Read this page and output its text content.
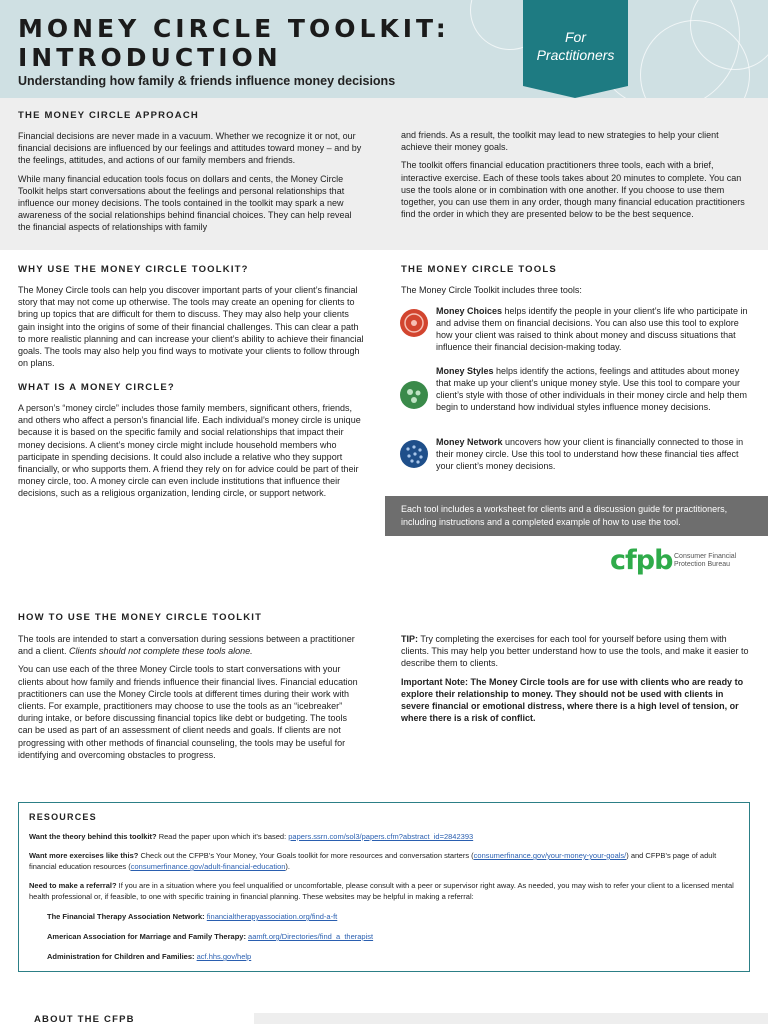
MONEY CIRCLE TOOLKIT:
INTRODUCTION
Understanding how family & friends influence money decisions
For
Practitioners
THE MONEY CIRCLE APPROACH

Financial decisions are never made in a vacuum. Whether we recognize it or not, our financial decisions are influenced by our feelings and attitudes toward money – and by the feelings, attitudes, and actions of our family members and friends.

While many financial education tools focus on dollars and cents, the Money Circle Toolkit helps start conversations about the feelings and personal relationships that influence our money decisions. The tools contained in the toolkit may spark a new awareness of the social relationships behind financial choices. They can help reveal the financial aspects of relationships with family

and friends. As a result, the toolkit may lead to new strategies to help your client achieve their money goals.

The toolkit offers financial education practitioners three tools, each with a brief, interactive exercise. Each of these tools takes about 20 minutes to complete. You can use the tools alone or in combination with one another. If you choose to use them together, you can use them in any order, though many financial education practitioners find the order in which they are presented below to be the best sequence.

WHY USE THE MONEY CIRCLE TOOLKIT?
The Money Circle tools can help you discover important parts of your client’s financial story that may not come up otherwise. The tools may create an opening for clients to bring up topics that are difficult for them to discuss. They may also help your clients gain insight into the origins of some of their financial challenges. This can clear a path to more realistic planning and can increase your client’s ability to achieve their financial goals. The tools may also help you find ways to motivate your clients to follow through on plans.
WHAT IS A MONEY CIRCLE?
A person’s “money circle” includes those family members, significant others, friends, and others who affect a person’s financial life. Each individual’s money circle is unique because it is based on the specific family and social relationships that impact their money decisions. A client’s money circle might include household members who participate in spending decisions. It could also include a relative who they support financially, or who supports them. A friend they rely on for advice could be part of their money circle, too. A money circle can even include institutions that influence their decisions, such as a religious organization, lending circle, or support network.
THE MONEY CIRCLE TOOLS
The Money Circle Toolkit includes three tools:
Money Choices helps identify the people in your client’s life who participate in and advise them on financial decisions. You can also use this tool to explore how your client was raised to think about money and discuss situations that influence their financial decision-making today.
Money Styles helps identify the actions, feelings and attitudes about money that make up your client’s unique money style. Use this tool to compare your client’s style with those of other individuals in their money circle and help them begin to understand how individual styles influence money decisions.
Money Network uncovers how your client is financially connected to those in their money circle. Use this tool to understand how these financial ties affect your client’s money decisions.
Each tool includes a worksheet for clients and a discussion guide for practitioners, including instructions and a completed example of how to use the tool.
cfpb Consumer Financial
Protection Bureau
HOW TO USE THE MONEY CIRCLE TOOLKIT

The tools are intended to start a conversation during sessions between a practitioner and a client. Clients should not complete these tools alone.

You can use each of the three Money Circle tools to start conversations with your clients about how family and friends influence their financial lives. Financial education practitioners can use the Money Circle tools at different times during their work with clients. For example, practitioners may choose to use the tools as an “icebreaker” during intake, or before discussing financial topics like debt or budgeting. The tools can be used as part of an assessment of client needs and goals. If clients are not progressing with other methods of financial counseling, the tools may be useful for identifying and overcoming obstacles to progress.

TIP: Try completing the exercises for each tool for yourself before using them with clients. This may help you better understand how to use the tools, and make it easier to describe them to clients.

Important Note: The Money Circle tools are for use with clients who are ready to explore their relationship to money. They should not be used with clients in severe financial or emotional distress, where there is a high level of tension, or where there is a risk of conflict.

RESOURCES
Want the theory behind this toolkit? Read the paper upon which it’s based: papers.ssrn.com/sol3/papers.cfm?abstract_id=2842393
Want more exercises like this? Check out the CFPB’s Your Money, Your Goals toolkit for more resources and conversation starters (consumerfinance.gov/your-money-your-goals/) and CFPB’s page of adult financial education resources (consumerfinance.gov/adult-financial-education).
Need to make a referral? If you are in a situation where you feel unqualified or uncomfortable, please consult with a peer or supervisor right away. As needed, you may wish to refer your client to a licensed mental health professional or, if feasible, to one with specific training in financial planning. These websites may be helpful in making a referral:
The Financial Therapy Association Network: financialtherapyassociation.org/find-a-ft
American Association for Marriage and Family Therapy: aamft.org/Directories/find_a_therapist
Administration for Children and Families: acf.hhs.gov/help
ABOUT THE CFPB
